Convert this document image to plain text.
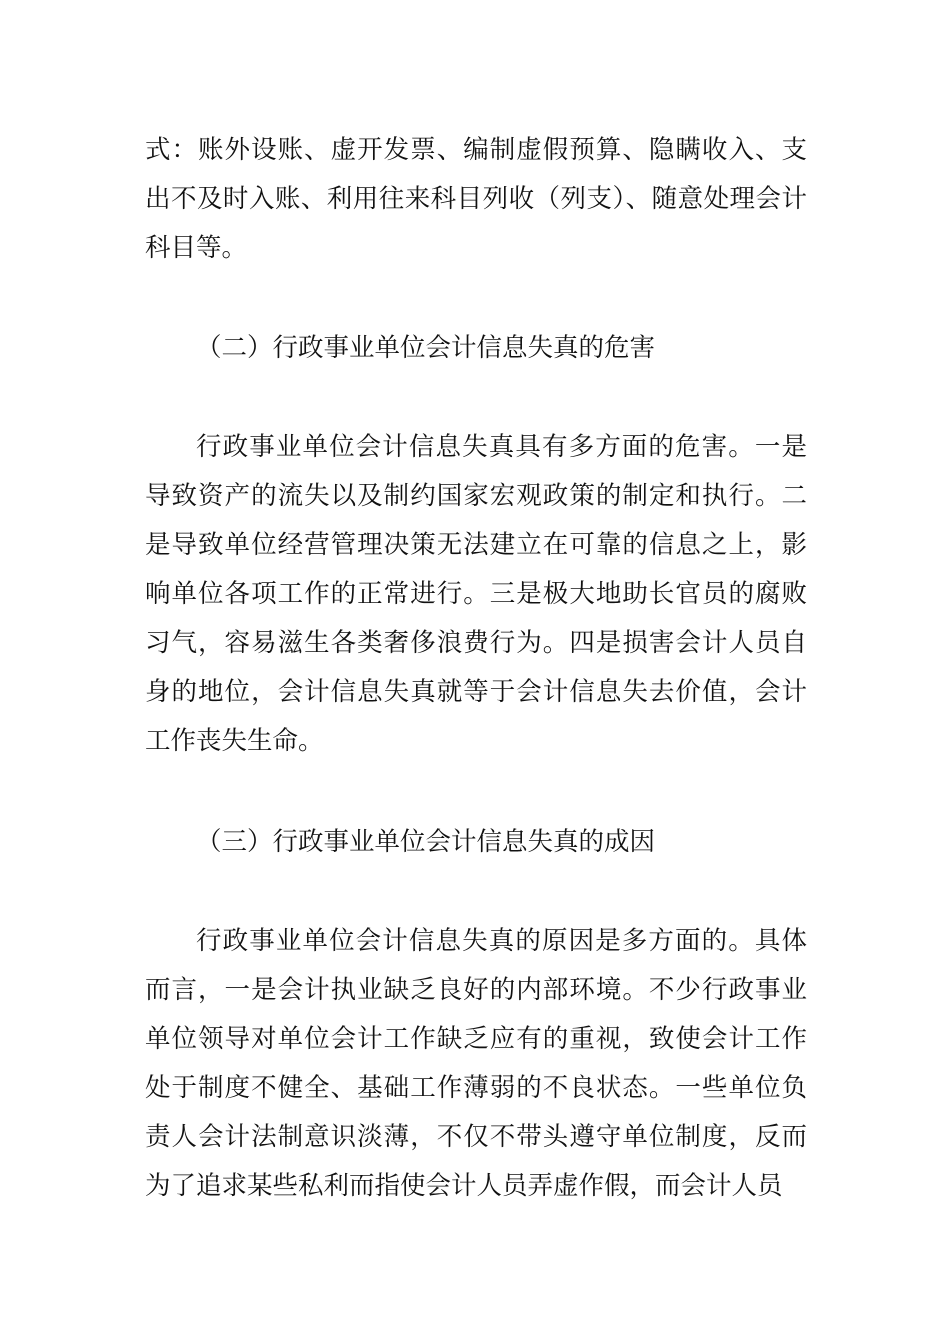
式：账外设账、虚开发票、编制虚假预算、隐瞒收入、支出不及时入账、利用往来科目列收（列支）、随意处理会计科目等。

（二）行政事业单位会计信息失真的危害

行政事业单位会计信息失真具有多方面的危害。一是导致资产的流失以及制约国家宏观政策的制定和执行。二是导致单位经营管理决策无法建立在可靠的信息之上，影响单位各项工作的正常进行。三是极大地助长官员的腐败习气，容易滋生各类奢侈浪费行为。四是损害会计人员自身的地位，会计信息失真就等于会计信息失去价值，会计工作丧失生命。

（三）行政事业单位会计信息失真的成因

行政事业单位会计信息失真的原因是多方面的。具体而言，一是会计执业缺乏良好的内部环境。不少行政事业单位领导对单位会计工作缺乏应有的重视，致使会计工作处于制度不健全、基础工作薄弱的不良状态。一些单位负责人会计法制意识淡薄，不仅不带头遵守单位制度，反而为了追求某些私利而指使会计人员弄虚作假，而会计人员
